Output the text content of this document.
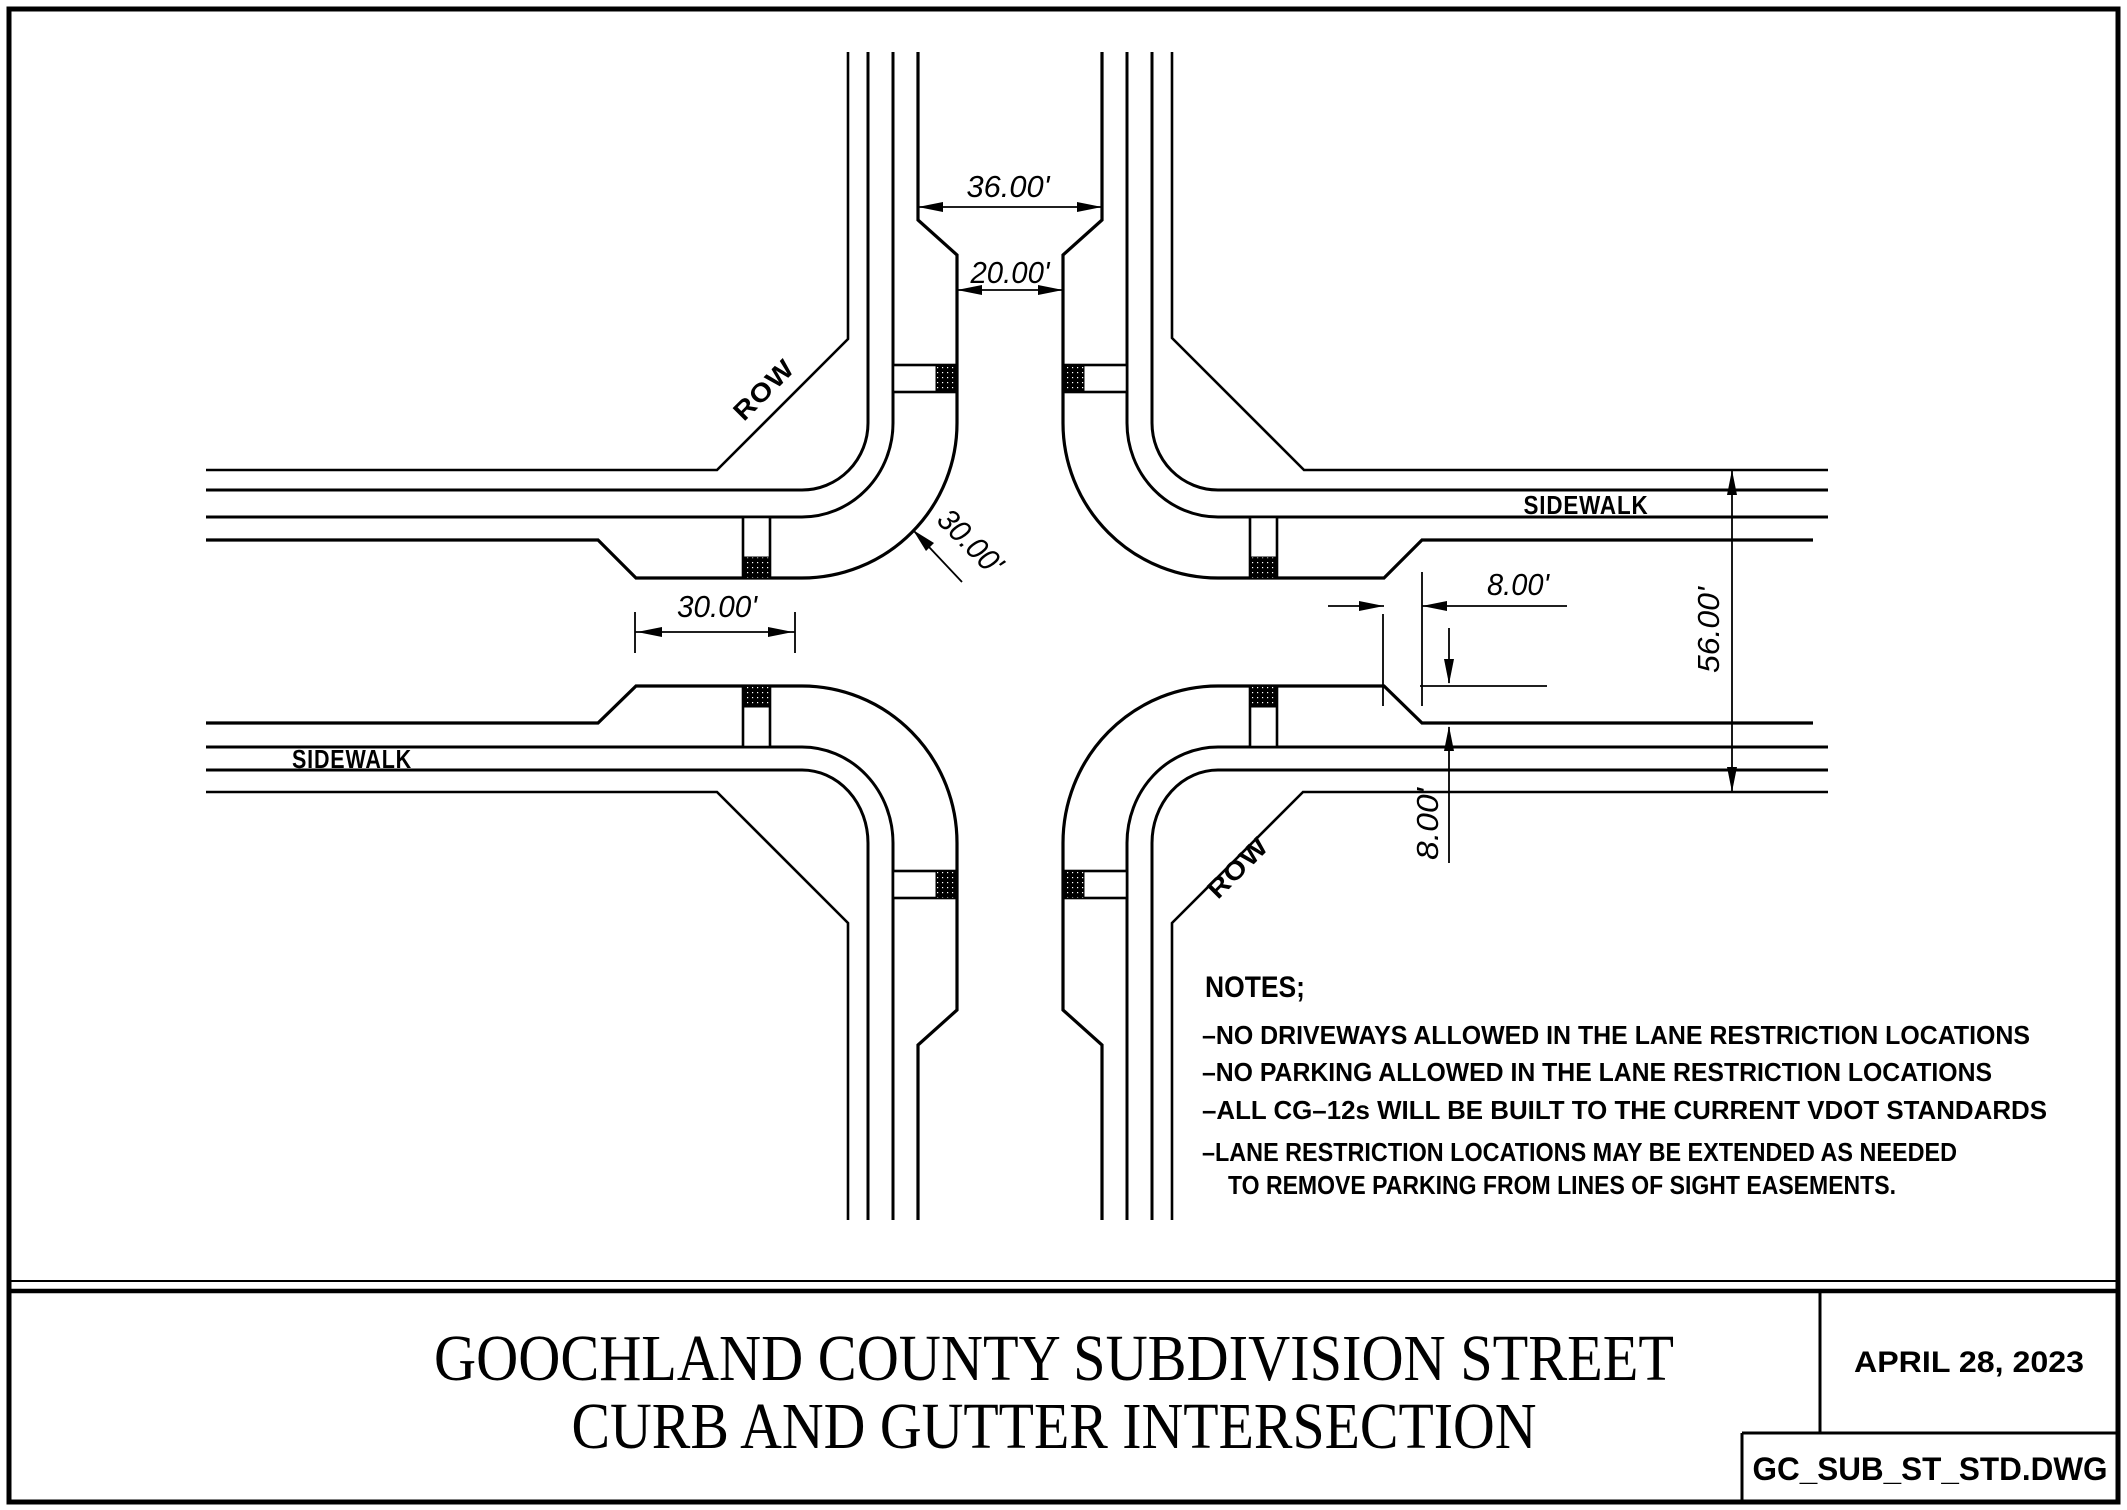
36.00'
20.00'
30.00'
30.00'	8.00'
8.00'
56.00'
SIDEWALK
SIDEWALK
ROW
ROW
NOTES;
–NO DRIVEWAYS ALLOWED IN THE LANE RESTRICTION LOCATIONS
–NO PARKING ALLOWED IN THE LANE RESTRICTION LOCATIONS
–ALL CG–12s WILL BE BUILT TO THE CURRENT VDOT STANDARDS
–LANE RESTRICTION LOCATIONS MAY BE EXTENDED AS NEEDED
TO REMOVE PARKING FROM LINES OF SIGHT EASEMENTS.
GOOCHLAND COUNTY SUBDIVISION STREET
CURB AND GUTTER INTERSECTION
APRIL 28, 2023
GC_SUB_ST_STD.DWG
